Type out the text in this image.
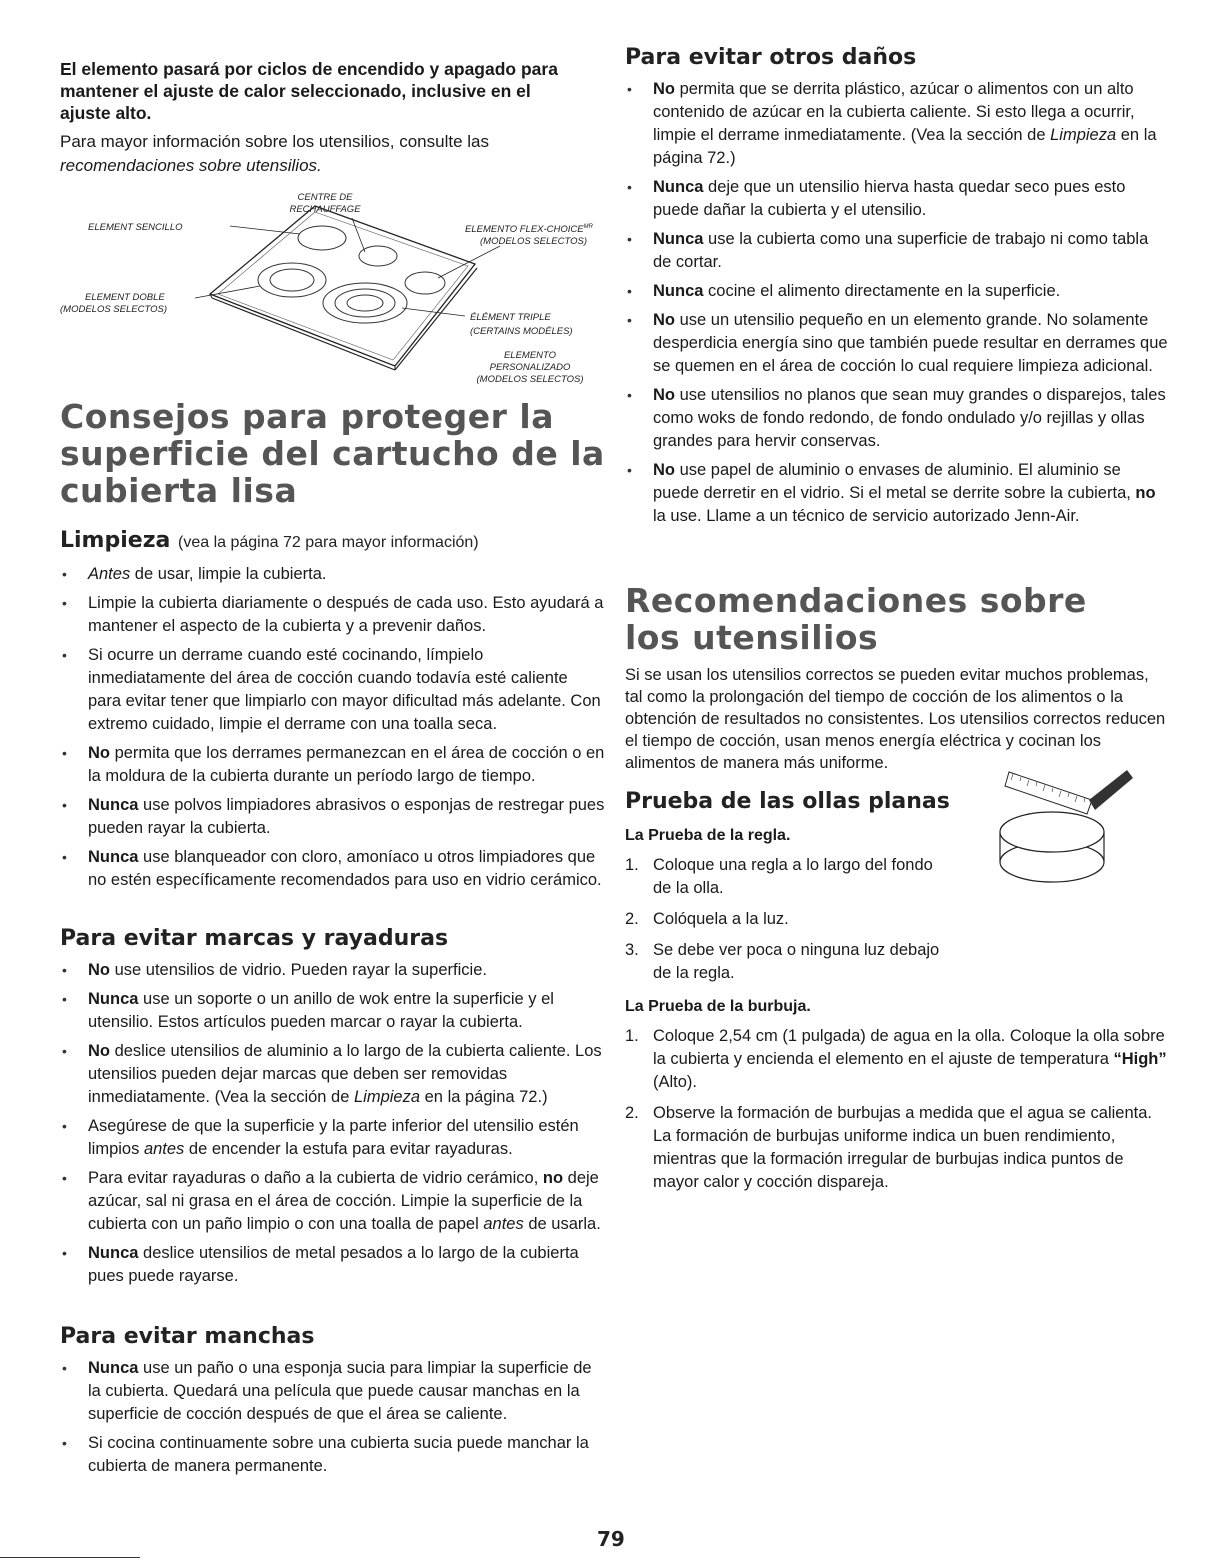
El elemento pasará por ciclos de encendido y apagado para mantener el ajuste de calor seleccionado, inclusive en el ajuste alto.

Para mayor información sobre los utensilios, consulte las
recomendaciones sobre utensilios.

CENTRE DE
RECHAUFFAGE
ELEMENT SENCILLO	ELEMENTO FLEX-$CHOICE^{MR}$
(MODELOS SELECTOS)
ELEMENT DOBLE
(MODELOS SELECTOS)
ÉLÉMENT TRIPLE
(CERTAINS MODÈLES)
ELEMENTO
PERSONALIZADO
(MODELOS SELECTOS)
Consejos para proteger la
superficie del cartucho de la
cubierta lisa
Limpieza (vea la página 72 para mayor información)
• Antes de usar, limpie la cubierta.
• Limpie la cubierta diariamente o después de cada uso. Esto ayudará a mantener el aspecto de la cubierta y a prevenir daños.
• Si ocurre un derrame cuando esté cocinando, límpielo inmediatamente del área de cocción cuando todavía esté caliente para evitar tener que limpiarlo con mayor dificultad más adelante. Con extremo cuidado, limpie el derrame con una toalla seca.
• No permita que los derrames permanezcan en el área de cocción o en la moldura de la cubierta durante un período largo de tiempo.
• Nunca use polvos limpiadores abrasivos o esponjas de restregar pues pueden rayar la cubierta.
• Nunca use blanqueador con cloro, amoníaco u otros limpiadores que no estén específicamente recomendados para uso en vidrio cerámico.
Para evitar marcas y rayaduras
• No use utensilios de vidrio. Pueden rayar la superficie.
• Nunca use un soporte o un anillo de wok entre la superficie y el utensilio. Estos artículos pueden marcar o rayar la cubierta.
• No deslice utensilios de aluminio a lo largo de la cubierta caliente. Los utensilios pueden dejar marcas que deben ser removidas inmediatamente. (Vea la sección de Limpieza en la página 72.)
• Asegúrese de que la superficie y la parte inferior del utensilio estén limpios antes de encender la estufa para evitar rayaduras.
• Para evitar rayaduras o daño a la cubierta de vidrio cerámico, no deje azúcar, sal ni grasa en el área de cocción. Limpie la superficie de la cubierta con un paño limpio o con una toalla de papel antes de usarla.
• Nunca deslice utensilios de metal pesados a lo largo de la cubierta pues puede rayarse.
Para evitar manchas
• Nunca use un paño o una esponja sucia para limpiar la superficie de la cubierta. Quedará una película que puede causar manchas en la superficie de cocción después de que el área se caliente.
• Si cocina continuamente sobre una cubierta sucia puede manchar la cubierta de manera permanente.
Para evitar otros daños
• No permita que se derrita plástico, azúcar o alimentos con un alto contenido de azúcar en la cubierta caliente. Si esto llega a ocurrir, limpie el derrame inmediatamente. (Vea la sección de Limpieza en la página 72.)
• Nunca deje que un utensilio hierva hasta quedar seco pues esto puede dañar la cubierta y el utensilio.
• Nunca use la cubierta como una superficie de trabajo ni como tabla de cortar.
• Nunca cocine el alimento directamente en la superficie.
• No use un utensilio pequeño en un elemento grande. No solamente desperdicia energía sino que también puede resultar en derrames que se quemen en el área de cocción lo cual requiere limpieza adicional.
• No use utensilios no planos que sean muy grandes o disparejos, tales como woks de fondo redondo, de fondo ondulado y/o rejillas y ollas grandes para hervir conservas.
• No use papel de aluminio o envases de aluminio. El aluminio se puede derretir en el vidrio. Si el metal se derrite sobre la cubierta, no la use. Llame a un técnico de servicio autorizado Jenn-Air.
Recomendaciones sobre
los utensilios

Si se usan los utensilios correctos se pueden evitar muchos problemas, tal como la prolongación del tiempo de cocción de los alimentos o la obtención de resultados no consistentes. Los utensilios correctos reducen el tiempo de cocción, usan menos energía eléctrica y cocinan los alimentos de manera más uniforme.

Prueba de las ollas planas
La Prueba de la regla.
1. Coloque una regla a lo largo del fondo de la olla.
2. Colóquela a la luz.
3. Se debe ver poca o ninguna luz debajo de la regla.
La Prueba de la burbuja.
1. Coloque 2,54 cm (1 pulgada) de agua en la olla. Coloque la olla sobre la cubierta y encienda el elemento en el ajuste de temperatura “High” (Alto).
2. Observe la formación de burbujas a medida que el agua se calienta. La formación de burbujas uniforme indica un buen rendimiento, mientras que la formación irregular de burbujas indica puntos de mayor calor y cocción dispareja.
79
